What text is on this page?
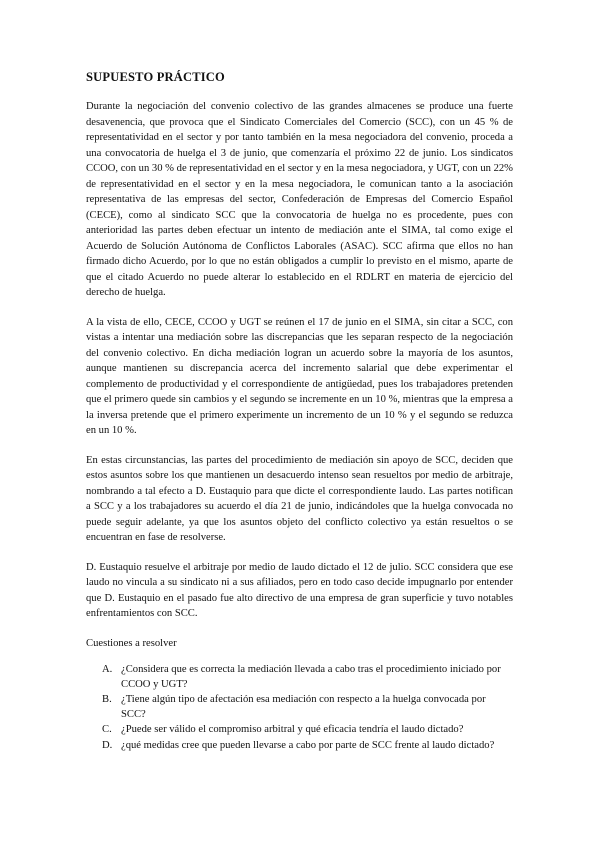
SUPUESTO PRÁCTICO

Durante la negociación del convenio colectivo de las grandes almacenes se produce una fuerte desavenencia, que provoca que el Sindicato Comerciales del Comercio (SCC), con un 45 % de representatividad en el sector y por tanto también en la mesa negociadora del convenio, proceda a una convocatoria de huelga el 3 de junio, que comenzaría el próximo 22 de junio. Los sindicatos CCOO, con un 30 % de representatividad en el sector y en la mesa negociadora, y UGT, con un 22% de representatividad en el sector y en la mesa negociadora, le comunican tanto a la asociación representativa de las empresas del sector, Confederación de Empresas del Comercio Español (CECE), como al sindicato SCC que la convocatoria de huelga no es procedente, pues con anterioridad las partes deben efectuar un intento de mediación ante el SIMA, tal como exige el Acuerdo de Solución Autónoma de Conflictos Laborales (ASAC). SCC afirma que ellos no han firmado dicho Acuerdo, por lo que no están obligados a cumplir lo previsto en el mismo, aparte de que el citado Acuerdo no puede alterar lo establecido en el RDLRT en materia de ejercicio del derecho de huelga.

A la vista de ello, CECE, CCOO y UGT se reúnen el 17 de junio en el SIMA, sin citar a SCC, con vistas a intentar una mediación sobre las discrepancias que les separan respecto de la negociación del convenio colectivo. En dicha mediación logran un acuerdo sobre la mayoría de los asuntos, aunque mantienen su discrepancia acerca del incremento salarial que debe experimentar el complemento de productividad y el correspondiente de antigüedad, pues los trabajadores pretenden que el primero quede sin cambios y el segundo se incremente en un 10 %, mientras que la empresa a la inversa pretende que el primero experimente un incremento de un 10 % y el segundo se reduzca en un 10 %.

En estas circunstancias, las partes del procedimiento de mediación sin apoyo de SCC, deciden que estos asuntos sobre los que mantienen un desacuerdo intenso sean resueltos por medio de arbitraje, nombrando a tal efecto a D. Eustaquio para que dicte el correspondiente laudo. Las partes notifican a SCC y a los trabajadores su acuerdo el día 21 de junio, indicándoles que la huelga convocada no puede seguir adelante, ya que los asuntos objeto del conflicto colectivo ya están resueltos o se encuentran en fase de resolverse.

D. Eustaquio resuelve el arbitraje por medio de laudo dictado el 12 de julio. SCC considera que ese laudo no vincula a su sindicato ni a sus afiliados, pero en todo caso decide impugnarlo por entender que D. Eustaquio en el pasado fue alto directivo de una empresa de gran superficie y tuvo notables enfrentamientos con SCC.

Cuestiones a resolver

A. ¿Considera que es correcta la mediación llevada a cabo tras el procedimiento iniciado por CCOO y UGT?
B. ¿Tiene algún tipo de afectación esa mediación con respecto a la huelga convocada por SCC?
C. ¿Puede ser válido el compromiso arbitral y qué eficacia tendría el laudo dictado?
D. ¿qué medidas cree que pueden llevarse a cabo por parte de SCC frente al laudo dictado?
